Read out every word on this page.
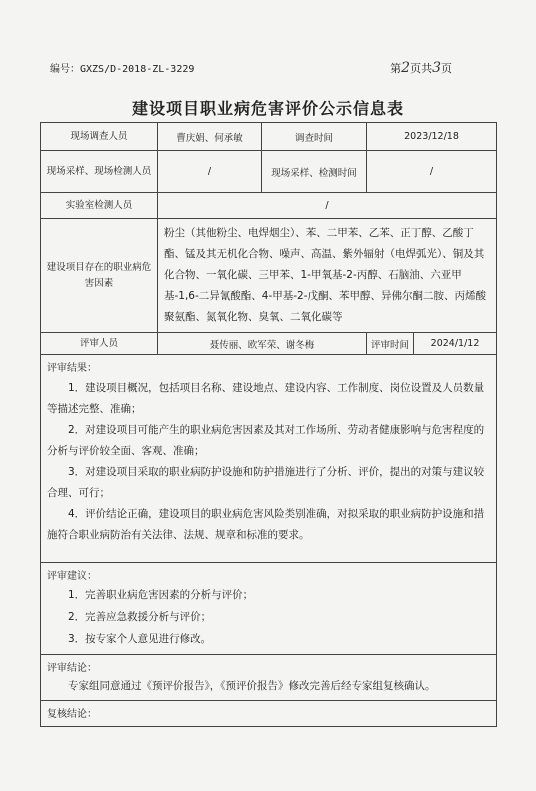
编号：GXZS/D-2018-ZL-3229	第2页共3页
建设项目职业病危害评价公示信息表
现场调查人员	曹庆娟、何承敏	调查时间	2023/12/18	
现场采样、现场检测人员	/	现场采样、检测时间	/	
实验室检测人员	/			
建设项目存在的职业病危害因素	粉尘（其他粉尘、电焊烟尘）、苯、二甲苯、乙苯、正丁醇、乙酸丁酯、锰及其无机化合物、噪声、高温、紫外辐射（电焊弧光）、铜及其化合物、一氧化碳、三甲苯、1-甲氧基-2-丙醇、石脑油、六亚甲基-1,6-二异氰酸酯、4-甲基-2-戊酮、苯甲醇、异佛尔酮二胺、丙烯酸聚氨酯、氮氧化物、臭氧、二氧化碳等			
评审人员	聂传丽、欧军荣、谢冬梅		评审时间	2024/1/12

评审结果：

1．建设项目概况，包括项目名称、建设地点、建设内容、工作制度、岗位设置及人员数量等描述完整、准确；

2．对建设项目可能产生的职业病危害因素及其对工作场所、劳动者健康影响与危害程度的分析与评价较全面、客观、准确；

3．对建设项目采取的职业病防护设施和防护措施进行了分析、评价，提出的对策与建议较合理、可行；

4．评价结论正确，建设项目的职业病危害风险类别准确，对拟采取的职业病防护设施和措施符合职业病防治有关法律、法规、规章和标准的要求。				

评审建议：

1．完善职业病危害因素的分析与评价；

2．完善应急救援分析与评价；

3．按专家个人意见进行修改。				

评审结论：

专家组同意通过《预评价报告》，《预评价报告》修改完善后经专家组复核确认。				

复核结论：				
